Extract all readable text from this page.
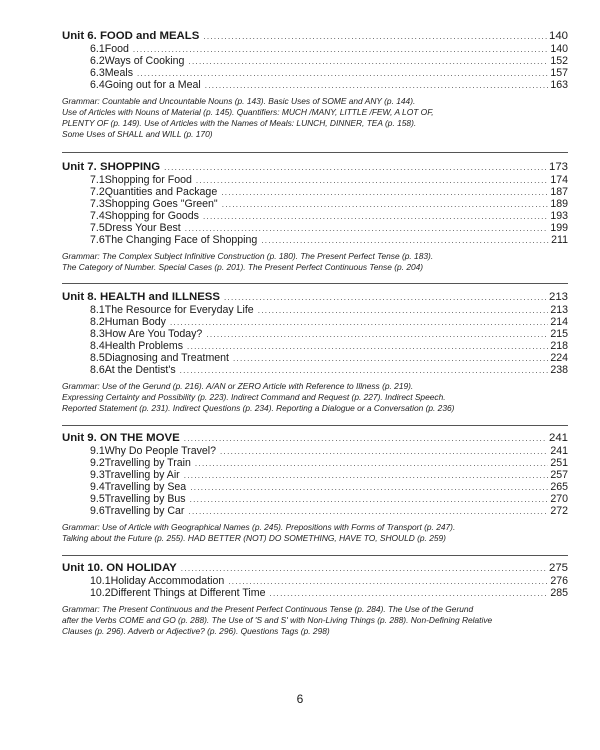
Unit 6. FOOD and MEALS .....	140
6.1 Food .....	140
6.2 Ways of Cooking .....	152
6.3 Meals .....	157
6.4 Going out for a Meal .....	163

Grammar: Countable and Uncountable Nouns (p. 143). Basic Uses of SOME and ANY (p. 144).

Use of Articles with Nouns of Material (p. 145). Quantifiers: MUCH /MANY, LITTLE /FEW, A LOT OF,

PLENTY OF (p. 149). Use of Articles with the Names of Meals: LUNCH, DINNER, TEA (p. 158).

Some Uses of SHALL and WILL (p. 170)

Unit 7. SHOPPING .....	173
7.1 Shopping for Food .....	174
7.2 Quantities and Package .....	187
7.3 Shopping Goes "Green" .....	189
7.4 Shopping for Goods .....	193
7.5 Dress Your Best .....	199
7.6 The Changing Face of Shopping .....	211

Grammar: The Complex Subject Infinitive Construction (p. 180). The Present Perfect Tense (p. 183).

The Category of Number. Special Cases (p. 201). The Present Perfect Continuous Tense (p. 204)

Unit 8. HEALTH and ILLNESS .....	213
8.1 The Resource for Everyday Life .....	213
8.2 Human Body .....	214
8.3 How Are You Today? .....	215
8.4 Health Problems .....	218
8.5 Diagnosing and Treatment .....	224
8.6 At the Dentist's .....	238

Grammar: Use of the Gerund (p. 216). A/AN or ZERO Article with Reference to Illness (p. 219).

Expressing Certainty and Possibility (p. 223). Indirect Command and Request (p. 227). Indirect Speech.

Reported Statement (p. 231). Indirect Questions (p. 234). Reporting a Dialogue or a Conversation (p. 236)

Unit 9. ON THE MOVE .....	241
9.1 Why Do People Travel? .....	241
9.2 Travelling by Train .....	251
9.3 Travelling by Air .....	257
9.4 Travelling by Sea .....	265
9.5 Travelling by Bus .....	270
9.6 Travelling by Car .....	272

Grammar: Use of Article with Geographical Names (p. 245). Prepositions with Forms of Transport (p. 247).

Talking about the Future (p. 255). HAD BETTER (NOT) DO SOMETHING, HAVE TO, SHOULD (p. 259)

Unit 10. ON HOLIDAY .....	275
10.1 Holiday Accommodation .....	276
10.2 Different Things at Different Time .....	285

Grammar: The Present Continuous and the Present Perfect Continuous Tense (p. 284). The Use of the Gerund

after the Verbs COME and GO (p. 288). The Use of 'S and S' with Non-Living Things (p. 288). Non-Defining Relative

Clauses (p. 296). Adverb or Adjective? (p. 296). Questions Tags (p. 298)

6
